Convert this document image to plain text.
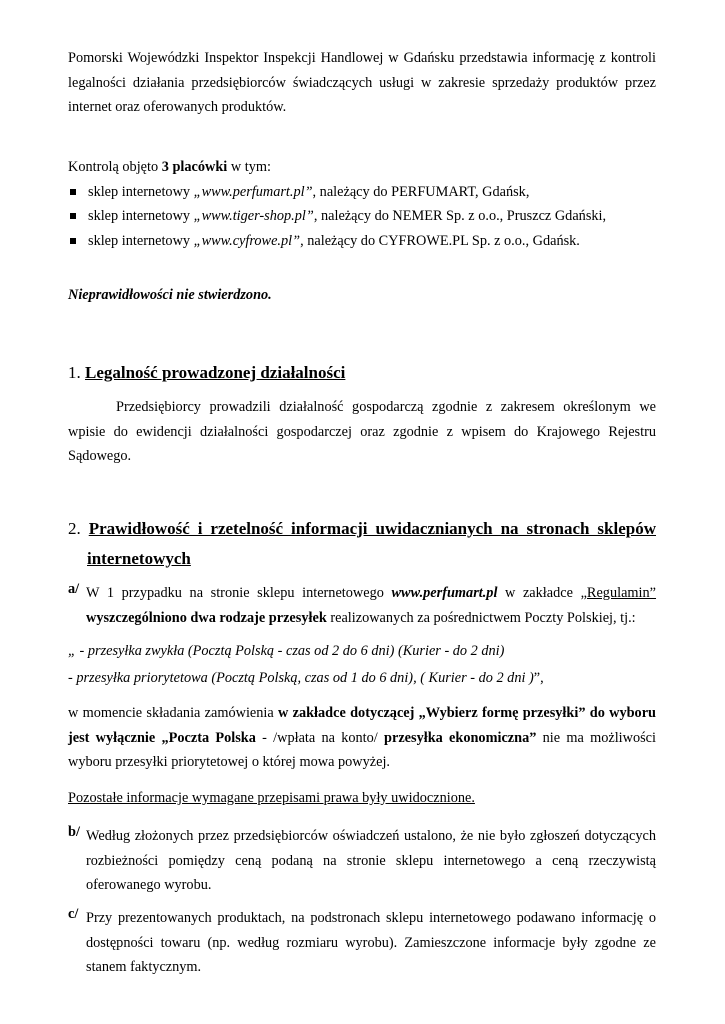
Pomorski Wojewódzki Inspektor Inspekcji Handlowej w Gdańsku przedstawia informację z kontroli legalności działania przedsiębiorców świadczących usługi w zakresie sprzedaży produktów przez internet oraz oferowanych produktów.

Kontrolą objęto 3 placówki w tym:

sklep internetowy „www.perfumart.pl”, należący do PERFUMART, Gdańsk,
sklep internetowy „www.tiger-shop.pl”, należący do NEMER Sp. z o.o., Pruszcz Gdański,
sklep internetowy „www.cyfrowe.pl”, należący do CYFROWE.PL Sp. z o.o., Gdańsk.

Nieprawidłowości nie stwierdzono.

1. Legalność prowadzonej działalności

Przedsiębiorcy prowadzili działalność gospodarczą zgodnie z zakresem określonym we wpisie do ewidencji działalności gospodarczej oraz zgodnie z wpisem do Krajowego Rejestru Sądowego.

2. Prawidłowość i rzetelność informacji uwidacznianych na stronach sklepów
internetowych
a/ W 1 przypadku na stronie sklepu internetowego www.perfumart.pl w zakładce „Regulamin” wyszczególniono dwa rodzaje przesyłek realizowanych za pośrednictwem Poczty Polskiej, tj.:

„ - przesyłka zwykła (Pocztą Polską - czas od 2 do 6 dni) (Kurier - do 2 dni)

- przesyłka priorytetowa (Pocztą Polską, czas od 1 do 6 dni), ( Kurier - do 2 dni )”,

w momencie składania zamówienia w zakładce dotyczącej „Wybierz formę przesyłki” do wyboru jest wyłącznie „Poczta Polska - /wpłata na konto/ przesyłka ekonomiczna” nie ma możliwości wyboru przesyłki priorytetowej o której mowa powyżej.

Pozostałe informacje wymagane przepisami prawa były uwidocznione.

b/ Według złożonych przez przedsiębiorców oświadczeń ustalono, że nie było zgłoszeń dotyczących rozbieżności pomiędzy ceną podaną na stronie sklepu internetowego a ceną rzeczywistą oferowanego wyrobu.

c/ Przy prezentowanych produktach, na podstronach sklepu internetowego podawano informację o dostępności towaru (np. według rozmiaru wyrobu). Zamieszczone informacje były zgodne ze stanem faktycznym.
